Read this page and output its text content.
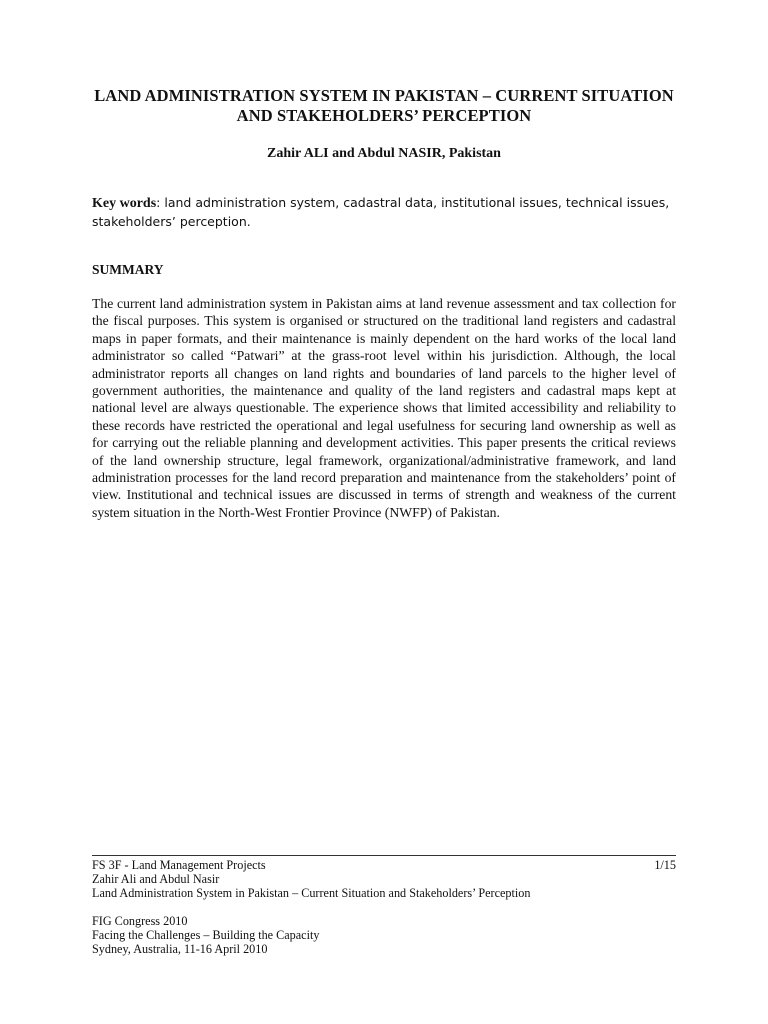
LAND ADMINISTRATION SYSTEM IN PAKISTAN – CURRENT SITUATION AND STAKEHOLDERS’ PERCEPTION
Zahir ALI and Abdul NASIR, Pakistan
Key words: land administration system, cadastral data, institutional issues, technical issues, stakeholders’ perception.
SUMMARY
The current land administration system in Pakistan aims at land revenue assessment and tax collection for the fiscal purposes. This system is organised or structured on the traditional land registers and cadastral maps in paper formats, and their maintenance is mainly dependent on the hard works of the local land administrator so called “Patwari” at the grass-root level within his jurisdiction. Although, the local administrator reports all changes on land rights and boundaries of land parcels to the higher level of government authorities, the maintenance and quality of the land registers and cadastral maps kept at national level are always questionable. The experience shows that limited accessibility and reliability to these records have restricted the operational and legal usefulness for securing land ownership as well as for carrying out the reliable planning and development activities. This paper presents the critical reviews of the land ownership structure, legal framework, organizational/administrative framework, and land administration processes for the land record preparation and maintenance from the stakeholders’ point of view. Institutional and technical issues are discussed in terms of strength and weakness of the current system situation in the North-West Frontier Province (NWFP) of Pakistan.
FS 3F - Land Management Projects	1/15
Zahir Ali and Abdul Nasir
Land Administration System in Pakistan – Current Situation and Stakeholders’ Perception
FIG Congress 2010
Facing the Challenges – Building the Capacity
Sydney, Australia, 11-16 April 2010
